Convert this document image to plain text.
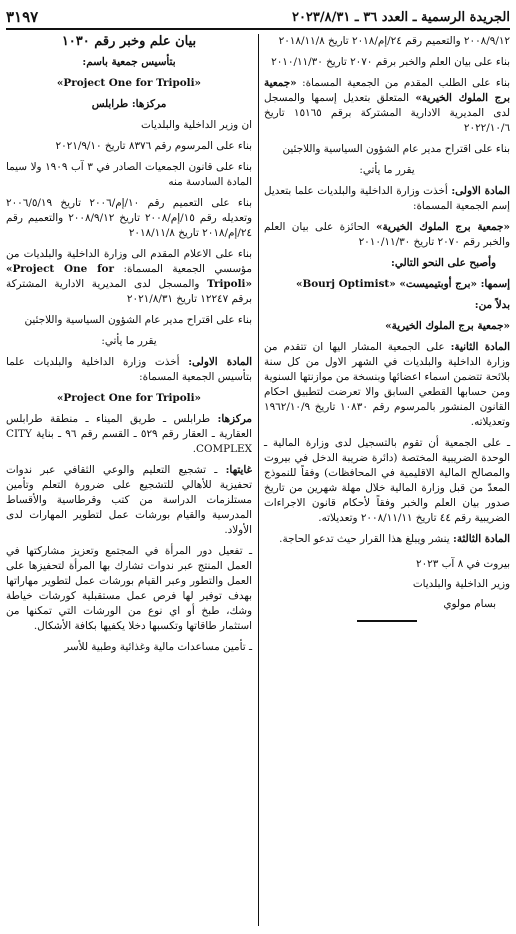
الجريدة الرسمية ـ العدد ٣٦ ـ ٢٠٢٣/٨/٣١
٣١٩٧

٢٠٠٨/٩/١٢ والتعميم رقم ٢٤/إم/٢٠١٨ تاريخ ٢٠١٨/١١/٨

بناء على بيان العلم والخبر برقم ٢٠٧٠ تاريخ ٢٠١٠/١١/٣٠

بناء على الطلب المقدم من الجمعية المسماة: «جمعية برج الملوك الخيرية» المتعلق بتعديل إسمها والمسجل لدى المديرية الادارية المشتركة برقم ١٥١٦٥ تاريخ ٢٠٢٢/١٠/٦

بناء على اقتراح مدير عام الشؤون السياسية واللاجئين

يقرر ما يأتي:

المادة الاولى: أخذت وزارة الداخلية والبلديات علما بتعديل إسم الجمعية المسماة:

«جمعية برج الملوك الخيرية» الحائزة على بيان العلم والخبر رقم ٢٠٧٠ تاريخ ٢٠١٠/١١/٣٠

وأصبح على النحو التالي:

إسمها: «برج أوبتيميست» «Bourj Optimist»

بدلاً من:

«جمعية برج الملوك الخيرية»

المادة الثانية: على الجمعية المشار اليها ان تتقدم من وزارة الداخلية والبلديات في الشهر الاول من كل سنة بلائحة تتضمن اسماء اعضائها وبنسخة من موازنتها السنوية ومن حسابها القطعي السابق والا تعرضت لتطبيق احكام القانون المنشور بالمرسوم رقم ١٠٨٣٠ تاريخ ١٩٦٢/١٠/٩ وتعديلاته.

ـ على الجمعية أن تقوم بالتسجيل لدى وزارة المالية ـ الوحدة الضريبية المختصة (دائرة ضريبة الدخل في بيروت والمصالح المالية الاقليمية في المحافظات) وفقاً للنموذج المعدّ من قبل وزارة المالية خلال مهلة شهرين من تاريخ صدور بيان العلم والخبر وفقاً لأحكام قانون الاجراءات الضريبية رقم ٤٤ تاريخ ٢٠٠٨/١١/١١ وتعديلاته.

المادة الثالثة: ينشر ويبلغ هذا القرار حيث تدعو الحاجة.

بيروت في ٨ آب ٢٠٢٣

وزير الداخلية والبلديات

بسام مولوي

بيان علم وخبر رقم ١٠٣٠

بتأسيس جمعية باسم:

«Project One for Tripoli»

مركزها: طرابلس

ان وزير الداخلية والبلديات

بناء على المرسوم رقم ٨٣٧٦ تاريخ ٢٠٢١/٩/١٠

بناء على قانون الجمعيات الصادر في ٣ آب ١٩٠٩ ولا سيما المادة السادسة منه

بناء على التعميم رقم ١٠/إم/٢٠٠٦ تاريخ ٢٠٠٦/٥/١٩ وتعديله رقم ١٥/إم/٢٠٠٨ تاريخ ٢٠٠٨/٩/١٢ والتعميم رقم ٢٤/إم/٢٠١٨ تاريخ ٢٠١٨/١١/٨

بناء على الاعلام المقدم الى وزارة الداخلية والبلديات من مؤسسي الجمعية المسماة: «Project One for Tripoli» والمسجل لدى المديرية الادارية المشتركة برقم ١٢٢٤٧ تاريخ ٢٠٢١/٨/٣١

بناء على اقتراح مدير عام الشؤون السياسية واللاجئين

يقرر ما يأتي:

المادة الاولى: أخذت وزارة الداخلية والبلديات علما بتأسيس الجمعية المسماة:

«Project One for Tripoli»

مركزها: طرابلس ـ طريق الميناء ـ منطقة طرابلس العقارية ـ العقار رقم ٥٢٩ ـ القسم رقم ٩٦ ـ بناية CITY COMPLEX.

غايتها: ـ تشجيع التعليم والوعي الثقافي عبر ندوات تحفيزية للأهالي للتشجيع على ضرورة التعلم وتأمين مستلزمات الدراسة من كتب وقرطاسية والأقساط المدرسية والقيام بورشات عمل لتطوير المهارات لدى الأولاد.

ـ تفعيل دور المرأة في المجتمع وتعزيز مشاركتها في العمل المنتج عبر ندوات تشارك بها المرأة لتحفيزها على العمل والتطور وعبر القيام بورشات عمل لتطوير مهاراتها بهدف توفير لها فرص عمل مستقبلية كورشات خياطة وشك، طبخ أو اي نوع من الورشات التي تمكنها من استثمار طاقاتها وتكسبها دخلا يكفيها بكافة الأشكال.

ـ تأمين مساعدات مالية وغذائية وطبية للأسر
